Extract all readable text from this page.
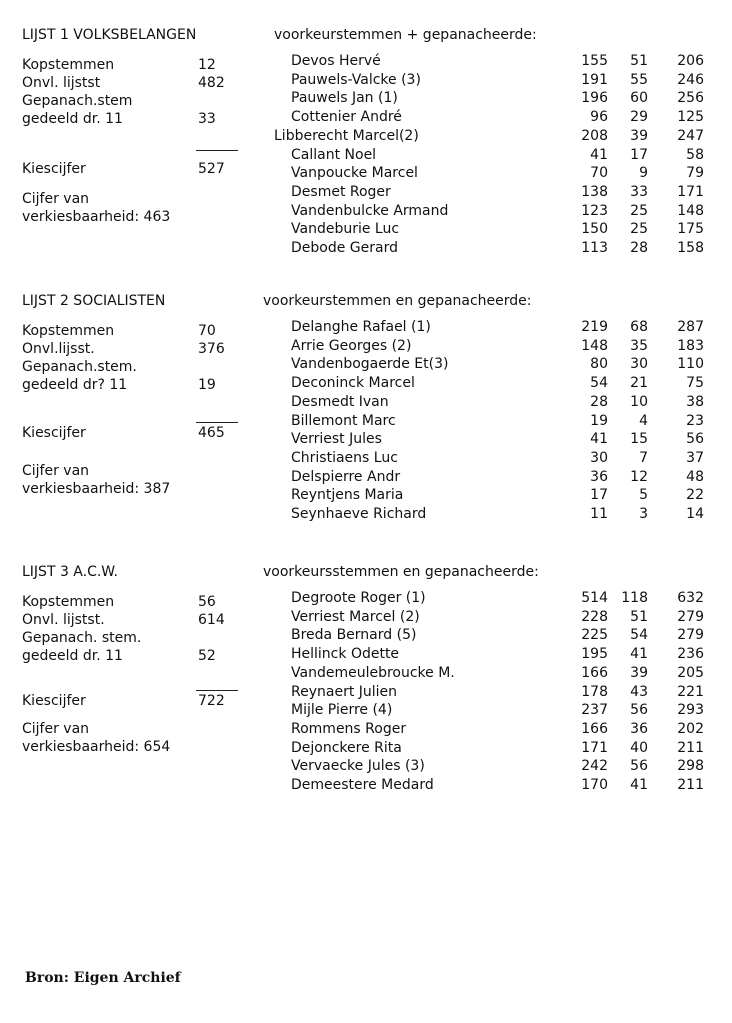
LIJST 1 VOLKSBELANGEN	voorkeurstemmen + gepanacheerde:
Kopstemmen	12
Onvl. lijstst	482
Gepanach.stem
gedeeld dr. 11	33
Kiescijfer	527
Cijfer van
verkiesbaarheid: 463
Devos Hervé	155 51 206
Pauwels-Valcke (3)	191 55 246
Pauwels Jan (1)	196 60 256
Cottenier André	96 29 125
Libberecht Marcel(2)	208 39 247
Callant Noel	41 17	58
Vanpoucke Marcel	70 9	79
Desmet Roger	138 33 171
Vandenbulcke Armand	123 25 148
Vandeburie Luc	150 25 175
Debode Gerard	113 28 158
LIJST 2 SOCIALISTEN	voorkeurstemmen en gepanacheerde:
Kopstemmen	70
Onvl.lijsst.	376
Gepanach.stem.
gedeeld dr? 11	19
Kiescijfer	465
Cijfer van
verkiesbaarheid: 387
Delanghe Rafael (1)	219 68 287
Arrie Georges (2)	148 35 183
Vandenbogaerde Et(3)	80 30 110
Deconinck Marcel	54 21	75
Desmedt Ivan	28 10	38
Billemont Marc	19 4	23
Verriest Jules	41 15	56
Christiaens Luc	30 7	37
Delspierre Andr	36 12	48
Reyntjens Maria	17 5	22
Seynhaeve Richard	11 3	14
LIJST 3 A.C.W.	voorkeursstemmen en gepanacheerde:
Kopstemmen	56
Onvl. lijstst.	614
Gepanach. stem.
gedeeld dr. 11	52
Kiescijfer	722
Cijfer van
verkiesbaarheid: 654
Degroote Roger (1)	514 118 632
Verriest Marcel (2)	228 51 279
Breda Bernard (5)	225 54 279
Hellinck Odette	195 41 236
Vandemeulebroucke M.	166 39 205
Reynaert Julien	178 43 221
Mijle Pierre (4)	237 56 293
Rommens Roger	166 36 202
Dejonckere Rita	171 40 211
Vervaecke Jules (3)	242 56 298
Demeestere Medard	170 41 211
Bron: Eigen Archief
